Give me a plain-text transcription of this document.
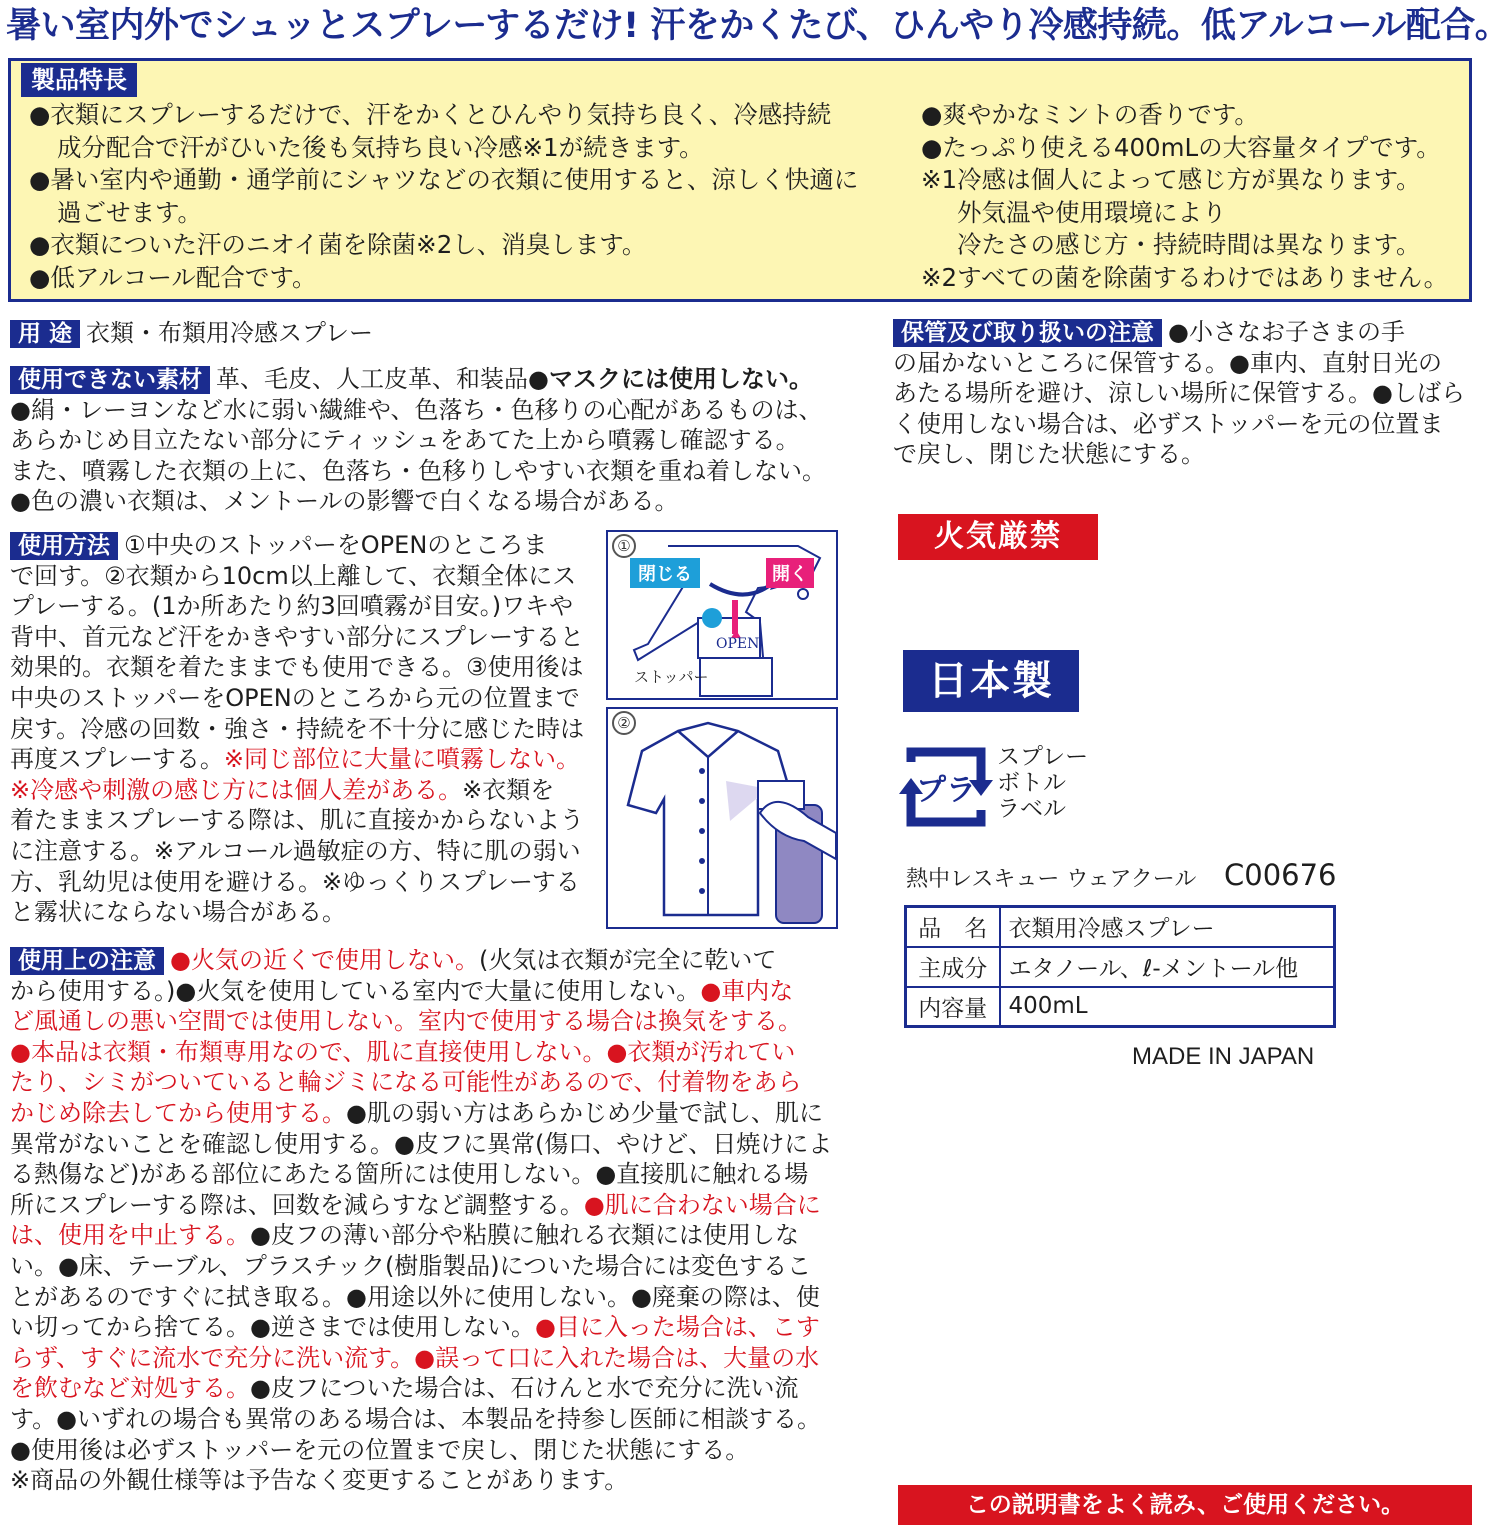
暑い室内外でシュッとスプレーするだけ! 汗をかくたび、ひんやり冷感持続。低アルコール配合。
製品特長
●衣類にスプレーするだけで、汗をかくとひんやり気持ち良く、冷感持続
成分配合で汗がひいた後も気持ち良い冷感※1が続きます。
●暑い室内や通勤・通学前にシャツなどの衣類に使用すると、涼しく快適に
過ごせます。
●衣類についた汗のニオイ菌を除菌※2し、消臭します。
●低アルコール配合です。
●爽やかなミントの香りです。
●たっぷり使える400mLの大容量タイプです。
※1冷感は個人によって感じ方が異なります。
外気温や使用環境により
冷たさの感じ方・持続時間は異なります。
※2すべての菌を除菌するわけではありません。
用 途 衣類・布類用冷感スプレー
使用できない素材 革、毛皮、人工皮革、和装品●マスクには使用しない。
●絹・レーヨンなど水に弱い繊維や、色落ち・色移りの心配があるものは、
あらかじめ目立たない部分にティッシュをあてた上から噴霧し確認する。
また、噴霧した衣類の上に、色落ち・色移りしやすい衣類を重ね着しない。
●色の濃い衣類は、メントールの影響で白くなる場合がある。
使用方法 ①中央のストッパーをOPENのところま
で回す。②衣類から10cm以上離して、衣類全体にス
プレーする。(1か所あたり約3回噴霧が目安。)ワキや
背中、首元など汗をかきやすい部分にスプレーすると
効果的。衣類を着たままでも使用できる。③使用後は
中央のストッパーをOPENのところから元の位置まで
戻す。冷感の回数・強さ・持続を不十分に感じた時は
再度スプレーする。※同じ部位に大量に噴霧しない。
※冷感や刺激の感じ方には個人差がある。※衣類を
着たままスプレーする際は、肌に直接かからないよう
に注意する。※アルコール過敏症の方、特に肌の弱い
方、乳幼児は使用を避ける。※ゆっくりスプレーする
と霧状にならない場合がある。
①
閉じる	開く
OPEN
ストッパー
②
使用上の注意 ●火気の近くで使用しない。(火気は衣類が完全に乾いて
から使用する。)●火気を使用している室内で大量に使用しない。●車内な
ど風通しの悪い空間では使用しない。室内で使用する場合は換気をする。
●本品は衣類・布類専用なので、肌に直接使用しない。●衣類が汚れてい
たり、シミがついていると輪ジミになる可能性があるので、付着物をあら
かじめ除去してから使用する。●肌の弱い方はあらかじめ少量で試し、肌に
異常がないことを確認し使用する。●皮フに異常(傷口、やけど、日焼けによ
る熱傷など)がある部位にあたる箇所には使用しない。●直接肌に触れる場
所にスプレーする際は、回数を減らすなど調整する。●肌に合わない場合に
は、使用を中止する。●皮フの薄い部分や粘膜に触れる衣類には使用しな
い。●床、テーブル、プラスチック(樹脂製品)についた場合には変色するこ
とがあるのですぐに拭き取る。●用途以外に使用しない。●廃棄の際は、使
い切ってから捨てる。●逆さまでは使用しない。●目に入った場合は、こす
らず、すぐに流水で充分に洗い流す。●誤って口に入れた場合は、大量の水
を飲むなど対処する。●皮フについた場合は、石けんと水で充分に洗い流
す。●いずれの場合も異常のある場合は、本製品を持参し医師に相談する。
●使用後は必ずストッパーを元の位置まで戻し、閉じた状態にする。
※商品の外観仕様等は予告なく変更することがあります。
保管及び取り扱いの注意 ●小さなお子さまの手
の届かないところに保管する。●車内、直射日光の
あたる場所を避け、涼しい場所に保管する。●しばら
く使用しない場合は、必ずストッパーを元の位置ま
で戻し、閉じた状態にする。
火気厳禁
日本製
プラ
スプレー
ボトル
ラベル
熱中レスキュー ウェアクール C00676
品　名	衣類用冷感スプレー
主成分	エタノール、ℓ-メントール他
内容量	400mL
MADE IN JAPAN
この説明書をよく読み、ご使用ください。
